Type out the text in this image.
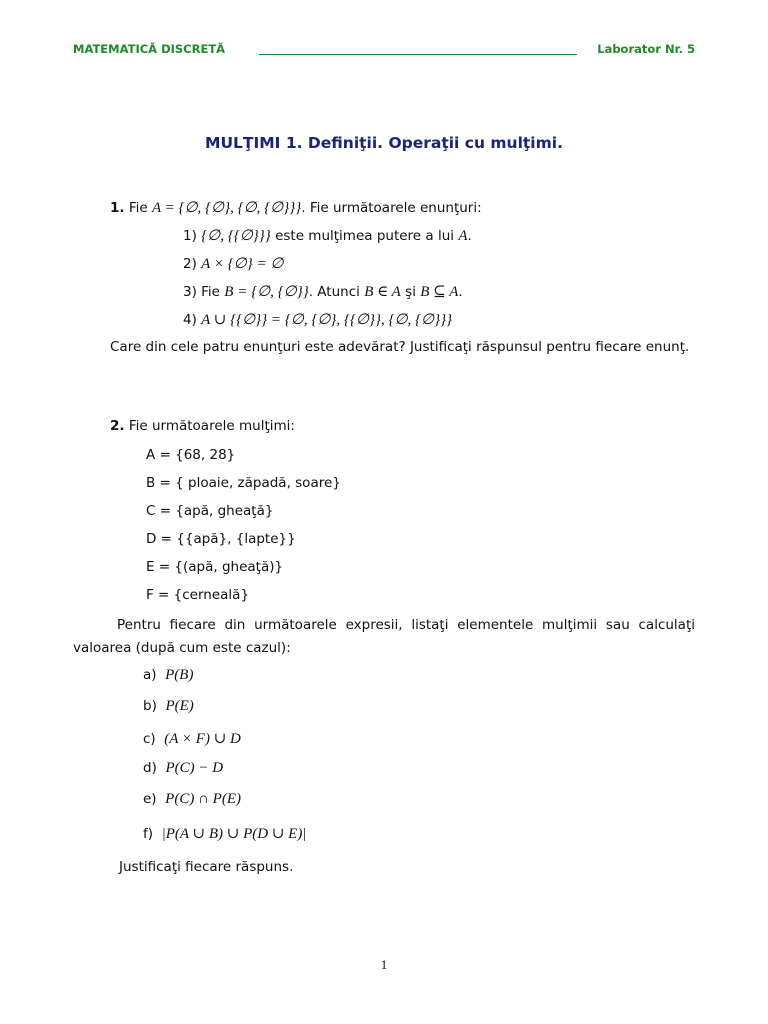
MATEMATICĂ DISCRETĂ	Laborator Nr. 5
MULŢIMI 1. Definiţii. Operaţii cu mulţimi.
1. Fie A = {∅, {∅}, {∅, {∅}}}. Fie următoarele enunţuri:
1) {∅, {{∅}}} este mulţimea putere a lui A.
2) A × {∅} = ∅
3) Fie B = {∅, {∅}}. Atunci B ∈ A şi B ⊆ A.
4) A ∪ {{∅}} = {∅, {∅}, {{∅}}, {∅, {∅}}}
Care din cele patru enunţuri este adevărat? Justificaţi răspunsul pentru fiecare enunţ.
2. Fie următoarele mulţimi:
A = {68, 28}
B = { ploaie, zăpadă, soare}
C = {apă, gheaţă}
D = {{apă}, {lapte}}
E = {(apă, gheaţă)}
F = {cerneală}
Pentru fiecare din următoarele expresii, listaţi elementele mulţimii sau calculaţi valoarea (după cum este cazul):
a) P(B)
b) P(E)
c) (A × F) ∪ D
d) P(C) − D
e) P(C) ∩ P(E)
f) |P(A ∪ B) ∪ P(D ∪ E)|
Justificaţi fiecare răspuns.
1
